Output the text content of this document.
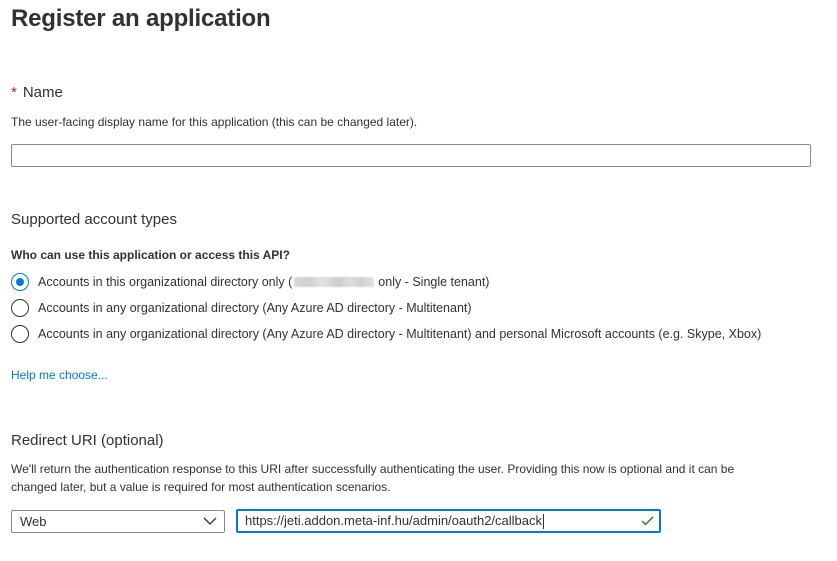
Register an application
* Name
The user-facing display name for this application (this can be changed later).
Supported account types
Who can use this application or access this API?
Accounts in this organizational directory only (	only - Single tenant)
Accounts in any organizational directory (Any Azure AD directory - Multitenant)
Accounts in any organizational directory (Any Azure AD directory - Multitenant) and personal Microsoft accounts (e.g. Skype, Xbox)
Help me choose...
Redirect URI (optional)
We'll return the authentication response to this URI after successfully authenticating the user. Providing this now is optional and it can be
changed later, but a value is required for most authentication scenarios.
Web	https://jeti.addon.meta-inf.hu/admin/oauth2/callback
